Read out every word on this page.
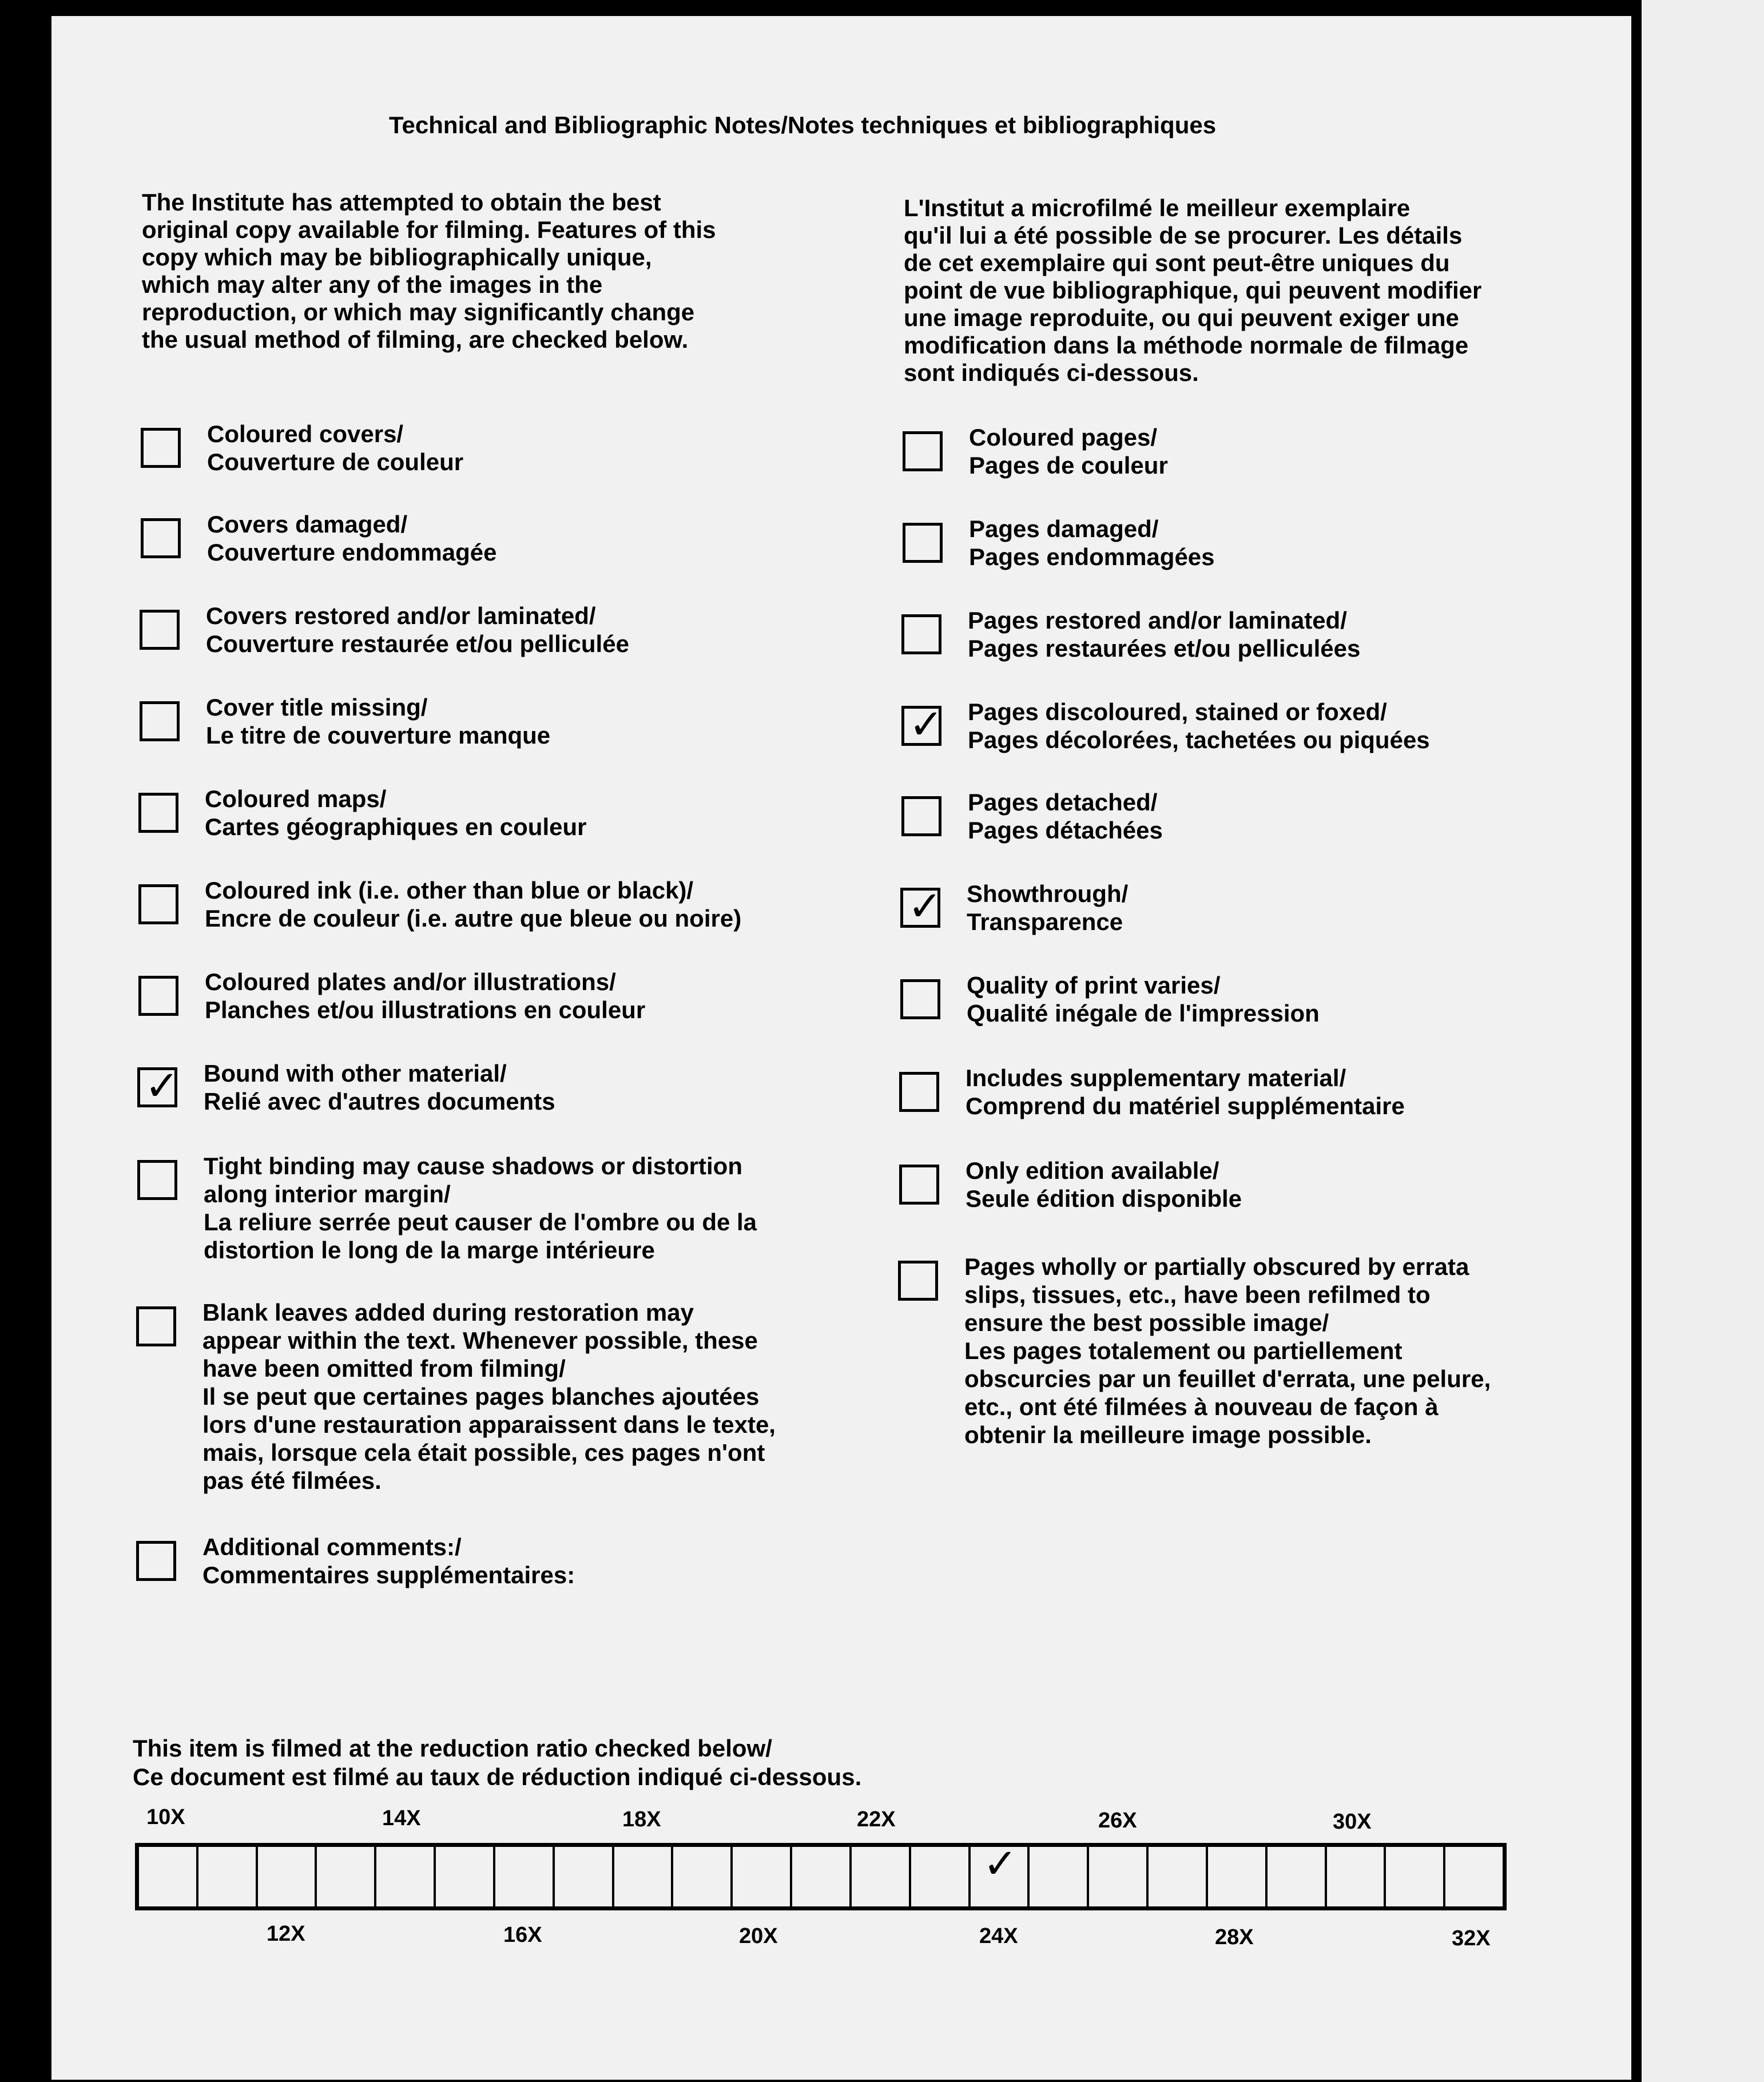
Technical and Bibliographic Notes/Notes techniques et bibliographiques
The Institute has attempted to obtain the best
original copy available for filming. Features of this
copy which may be bibliographically unique,
which may alter any of the images in the
reproduction, or which may significantly change
the usual method of filming, are checked below.
L'Institut a microfilmé le meilleur exemplaire
qu'il lui a été possible de se procurer. Les détails
de cet exemplaire qui sont peut-être uniques du
point de vue bibliographique, qui peuvent modifier
une image reproduite, ou qui peuvent exiger une
modification dans la méthode normale de filmage
sont indiqués ci-dessous.
Coloured covers/
Couverture de couleur
Covers damaged/
Couverture endommagée
Covers restored and/or laminated/
Couverture restaurée et/ou pelliculée
Cover title missing/
Le titre de couverture manque
Coloured maps/
Cartes géographiques en couleur
Coloured ink (i.e. other than blue or black)/
Encre de couleur (i.e. autre que bleue ou noire)
Coloured plates and/or illustrations/
Planches et/ou illustrations en couleur
✓ Bound with other material/
Relié avec d'autres documents
Tight binding may cause shadows or distortion
along interior margin/
La reliure serrée peut causer de l'ombre ou de la
distortion le long de la marge intérieure
Blank leaves added during restoration may
appear within the text. Whenever possible, these
have been omitted from filming/
Il se peut que certaines pages blanches ajoutées
lors d'une restauration apparaissent dans le texte,
mais, lorsque cela était possible, ces pages n'ont
pas été filmées.
Additional comments:/
Commentaires supplémentaires:
Coloured pages/
Pages de couleur
Pages damaged/
Pages endommagées
Pages restored and/or laminated/
Pages restaurées et/ou pelliculées
✓ Pages discoloured, stained or foxed/
Pages décolorées, tachetées ou piquées
Pages detached/
Pages détachées
✓ Showthrough/
Transparence
Quality of print varies/
Qualité inégale de l'impression
Includes supplementary material/
Comprend du matériel supplémentaire
Only edition available/
Seule édition disponible
Pages wholly or partially obscured by errata
slips, tissues, etc., have been refilmed to
ensure the best possible image/
Les pages totalement ou partiellement
obscurcies par un feuillet d'errata, une pelure,
etc., ont été filmées à nouveau de façon à
obtenir la meilleure image possible.
This item is filmed at the reduction ratio checked below/
Ce document est filmé au taux de réduction indiqué ci-dessous.
10X	14X	18X	22X	26X	30X
✓
12X	16X	20X	24X	28X	32X
